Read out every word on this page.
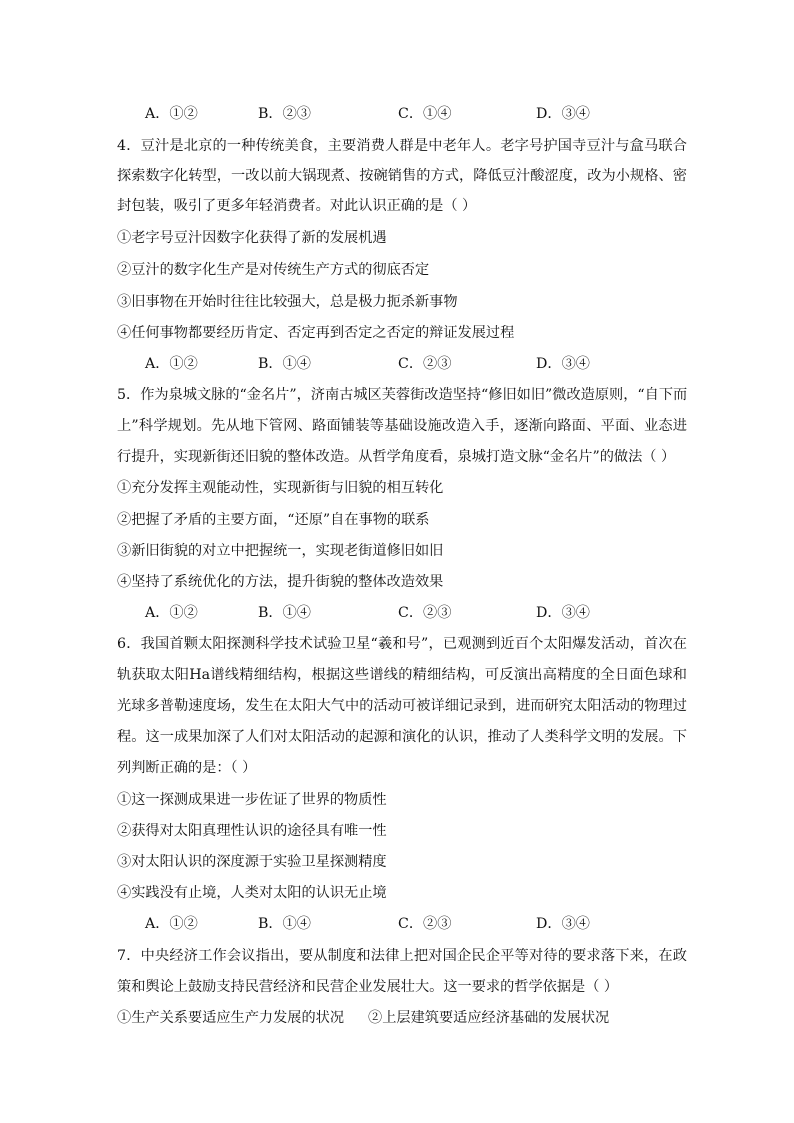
A．①②	B．②③	C．①④	D．③④
4．豆汁是北京的一种传统美食，主要消费人群是中老年人。老字号护国寺豆汁与盒马联合
探索数字化转型，一改以前大锅现煮、按碗销售的方式，降低豆汁酸涩度，改为小规格、密
封包装，吸引了更多年轻消费者。对此认识正确的是（ ）
①老字号豆汁因数字化获得了新的发展机遇
②豆汁的数字化生产是对传统生产方式的彻底否定
③旧事物在开始时往往比较强大，总是极力扼杀新事物
④任何事物都要经历肯定、否定再到否定之否定的辩证发展过程
A．①②	B．①④	C．②③	D．③④
5．作为泉城文脉的“金名片”，济南古城区芙蓉街改造坚持“修旧如旧”微改造原则，“自下而
上”科学规划。先从地下管网、路面铺装等基础设施改造入手，逐渐向路面、平面、业态进
行提升，实现新街还旧貌的整体改造。从哲学角度看，泉城打造文脉“金名片”的做法（ ）
①充分发挥主观能动性，实现新街与旧貌的相互转化
②把握了矛盾的主要方面，“还原”自在事物的联系
③新旧街貌的对立中把握统一，实现老街道修旧如旧
④坚持了系统优化的方法，提升街貌的整体改造效果
A．①②	B．①④	C．②③	D．③④
6．我国首颗太阳探测科学技术试验卫星“羲和号”，已观测到近百个太阳爆发活动，首次在
轨获取太阳Ha谱线精细结构，根据这些谱线的精细结构，可反演出高精度的全日面色球和
光球多普勒速度场，发生在太阳大气中的活动可被详细记录到，进而研究太阳活动的物理过
程。这一成果加深了人们对太阳活动的起源和演化的认识，推动了人类科学文明的发展。下
列判断正确的是：（ ）
①这一探测成果进一步佐证了世界的物质性
②获得对太阳真理性认识的途径具有唯一性
③对太阳认识的深度源于实验卫星探测精度
④实践没有止境，人类对太阳的认识无止境
A．①②	B．①④	C．②③	D．③④
7．中央经济工作会议指出，要从制度和法律上把对国企民企平等对待的要求落下来，在政
策和舆论上鼓励支持民营经济和民营企业发展壮大。这一要求的哲学依据是（ ）
①生产关系要适应生产力发展的状况 ②上层建筑要适应经济基础的发展状况
